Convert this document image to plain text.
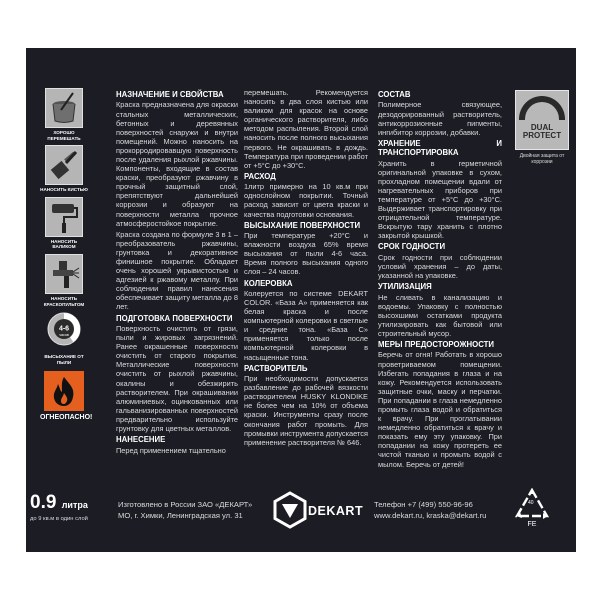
ХОРОШО ПЕРЕМЕШАТЬ
НАНОСИТЬ КИСТЬЮ
НАНОСИТЬ ВАЛИКОМ
НАНОСИТЬ КРАСКОПУЛЬТОМ
4-6
часов
ВЫСЫХАНИЕ ОТ ПЫЛИ
ОГНЕОПАСНО!
НАЗНАЧЕНИЕ И СВОЙСТВА

Краска предназначена для окраски стальных металлических, бетонных и деревянных поверхностей снаружи и внутри помещений. Можно наносить на прокорродировавшую поверхность после удаления рыхлой ржавчины. Компоненты, входящие в состав краски, преобразуют ржавчину в прочный защитный слой, препятствуют дальнейшей коррозии и образуют на поверхности металла прочное атмосферостойкое покрытие.

Краска создана по формуле 3 в 1 – преобразователь ржавчины, грунтовка и декоративное финишное покрытие. Обладает очень хорошей укрывистостью и адгезией к ржавому металлу. При соблюдении правил нанесения обеспечивает защиту металла до 8 лет.

ПОДГОТОВКА ПОВЕРХНОСТИ

Поверхность очистить от грязи, пыли и жировых загрязнений. Ранее окрашенные поверхности очистить от старого покрытия. Металлические поверхности очистить от рыхлой ржавчины, окалины и обезжирить растворителем. При окрашивании алюминиевых, оцинкованных или гальванизированных поверхностей предварительно используйте грунтовку для цветных металлов.

НАНЕСЕНИЕ

Перед применением тщательно

перемешать. Рекомендуется наносить в два слоя кистью или валиком для красок на основе органического растворителя, либо методом распыления. Второй слой наносить после полного высыхания первого. Не окрашивать в дождь. Температура при проведении работ от +5°С до +30°С.

РАСХОД

1литр примерно на 10 кв.м при однослойном покрытии. Точный расход зависит от цвета краски и качества подготовки основания.

ВЫСЫХАНИЕ ПОВЕРХНОСТИ

При температуре +20°С и влажности воздуха 65% время высыхания от пыли 4-6 часа. Время полного высыхания одного слоя – 24 часов.

КОЛЕРОВКА

Колеруется по системе DEKART COLOR. «База А» применяется как белая краска и после компьютерной колеровки в светлые и средние тона. «База С» применяется только после компьютерной колеровки в насыщенные тона.

РАСТВОРИТЕЛЬ

При необходимости допускается разбавление до рабочей вязкости растворителем HUSKY KLONDIKE не более чем на 10% от объема краски. Инструменты сразу после окончания работ промыть. Для промывки инструмента допускается применение растворителя № 646.

СОСТАВ

Полимерное связующее, дезодорированный растворитель, антикоррозионные пигменты, ингибитор коррозии, добавки.

ХРАНЕНИЕ И ТРАНСПОРТИРОВКА

Хранить в герметичной оригинальной упаковке в сухом, прохладном помещении вдали от нагревательных приборов при температуре от +5°С до +30°С. Выдерживает транспортировку при отрицательной температуре. Вскрытую тару хранить с плотно закрытой крышкой.

СРОК ГОДНОСТИ

Срок годности при соблюдении условий хранения – до даты, указанной на упаковке.

УТИЛИЗАЦИЯ

Не сливать в канализацию и водоемы. Упаковку с полностью высохшими остатками продукта утилизировать как бытовой или строительный мусор.

МЕРЫ ПРЕДОСТОРОЖНОСТИ

Беречь от огня! Работать в хорошо проветриваемом помещении. Избегать попадания в глаза и на кожу. Рекомендуется использовать защитные очки, маску и перчатки. При попадании в глаза немедленно промыть глаза водой и обратиться к врачу. При проглатывании немедленно обратиться к врачу и показать ему эту упаковку. При попадании на кожу протереть ее чистой тканью и промыть водой с мылом. Беречь от детей!

DUAL
PROTECT
Двойная защита от коррозии
0.9 литра
до 9 кв.м в один слой
Изготовлено в России ЗАО «ДЕКАРТ»
МО, г. Химки, Ленинградская ул. 31	DEKART Телефон +7 (499) 550-96-96
www.dekart.ru, kraska@dekart.ru
40
FE
